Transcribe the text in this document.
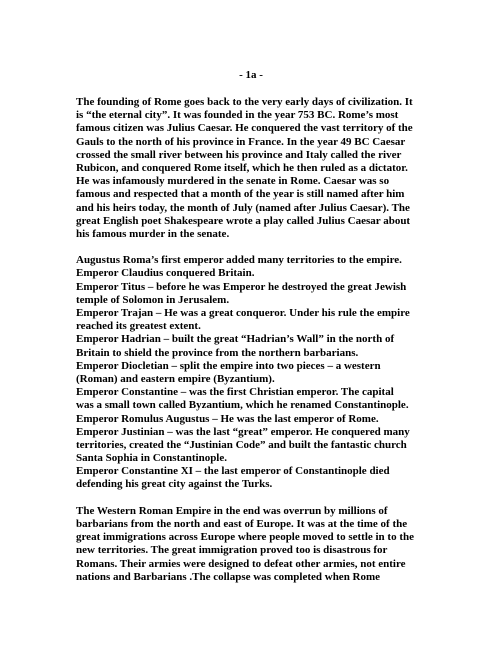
- 1a -
The founding of Rome goes back to the very early days of civilization. It
is “the eternal city”. It was founded in the year 753 BC. Rome’s most
famous citizen was Julius Caesar. He conquered the vast territory of the
Gauls to the north of his province in France. In the year 49 BC Caesar
crossed the small river between his province and Italy called the river
Rubicon, and conquered Rome itself, which he then ruled as a dictator.
He was infamously murdered in the senate in Rome. Caesar was so
famous and respected that a month of the year is still named after him
and his heirs today, the month of July (named after Julius Caesar). The
great English poet Shakespeare wrote a play called Julius Caesar about
his famous murder in the senate.
Augustus Roma’s first emperor added many territories to the empire.
Emperor Claudius conquered Britain.
Emperor Titus – before he was Emperor he destroyed the great Jewish
temple of Solomon in Jerusalem.
Emperor Trajan – He was a great conqueror. Under his rule the empire
reached its greatest extent.
Emperor Hadrian – built the great “Hadrian’s Wall” in the north of
Britain to shield the province from the northern barbarians.
Emperor Diocletian – split the empire into two pieces – a western
(Roman) and eastern empire (Byzantium).
Emperor Constantine – was the first Christian emperor. The capital
was a small town called Byzantium, which he renamed Constantinople.
Emperor Romulus Augustus – He was the last emperor of Rome.
Emperor Justinian – was the last “great” emperor. He conquered many
territories, created the “Justinian Code” and built the fantastic church
Santa Sophia in Constantinople.
Emperor Constantine XI – the last emperor of Constantinople died
defending his great city against the Turks.
The Western Roman Empire in the end was overrun by millions of
barbarians from the north and east of Europe. It was at the time of the
great immigrations across Europe where people moved to settle in to the
new territories. The great immigration proved too is disastrous for
Romans. Their armies were designed to defeat other armies, not entire
nations and Barbarians .The collapse was completed when Rome
